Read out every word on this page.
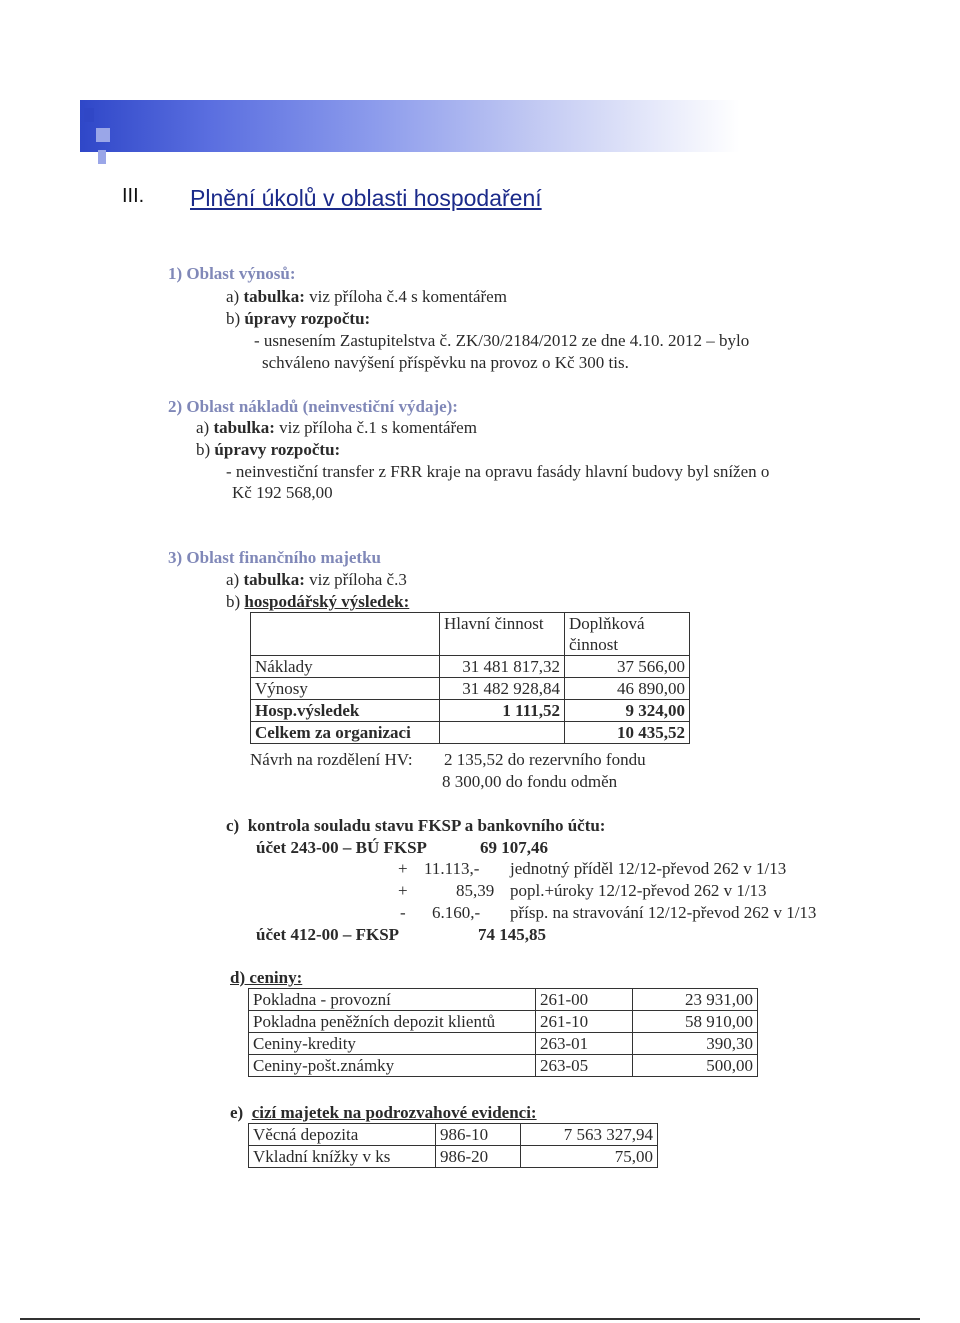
III. Plnění úkolů v oblasti hospodaření
1) Oblast výnosů:
a) tabulka: viz příloha č.4 s komentářem
b) úpravy rozpočtu:
- usnesením Zastupitelstva č. ZK/30/2184/2012 ze dne 4.10. 2012 – bylo
schváleno navýšení příspěvku na provoz o Kč 300 tis.
2) Oblast nákladů (neinvestiční výdaje):
a) tabulka: viz příloha č.1 s komentářem
b) úpravy rozpočtu:
- neinvestiční transfer z FRR kraje na opravu fasády hlavní budovy byl snížen o
Kč 192 568,00
3) Oblast finančního majetku
a) tabulka: viz příloha č.3
b) hospodářský výsledek:
	Hlavní činnost	Doplňková
		činnost
Náklady	31 481 817,32	37 566,00
Výnosy	31 482 928,84	46 890,00
Hosp.výsledek	1 111,52	9 324,00
Celkem za organizaci		10 435,52
Návrh na rozdělení HV: 2 135,52 do rezervního fondu
8 300,00 do fondu odměn
c) kontrola souladu stavu FKSP a bankovního účtu:
účet 243-00 – BÚ FKSP	69 107,46
+ 11.113,- jednotný příděl 12/12-převod 262 v 1/13
+	85,39 popl.+úroky 12/12-převod 262 v 1/13
- 6.160,- přísp. na stravování 12/12-převod 262 v 1/13
účet 412-00 – FKSP	74 145,85
d) ceniny:
Pokladna - provozní	261-00	23 931,00
Pokladna peněžních depozit klientů	261-10	58 910,00
Ceniny-kredity	263-01	390,30
Ceniny-pošt.známky	263-05	500,00
e) cizí majetek na podrozvahové evidenci:
Věcná depozita	986-10	7 563 327,94
Vkladní knížky v ks	986-20	75,00
